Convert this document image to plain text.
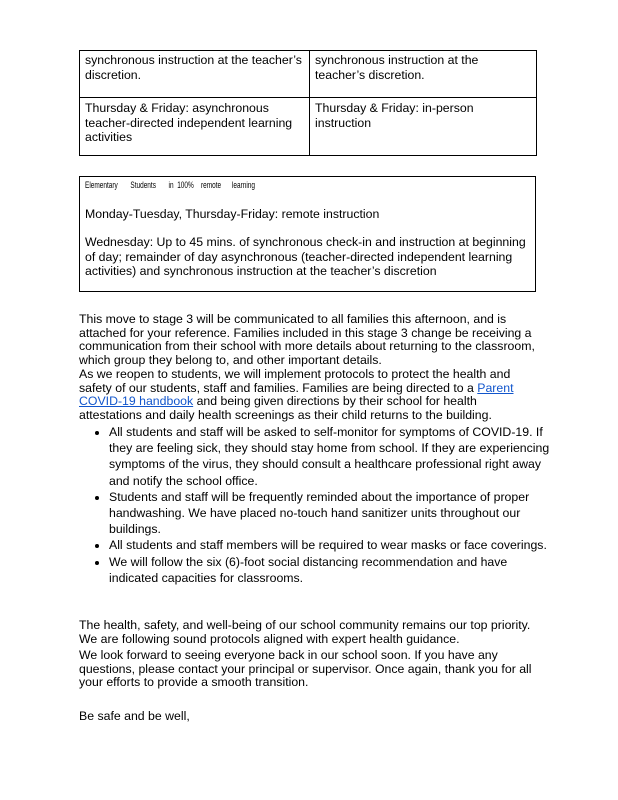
synchronous instruction at the teacher’s discretion.	synchronous instruction at the teacher’s discretion.
Thursday & Friday: asynchronous teacher-directed independent learning activities	Thursday & Friday: in-person instruction
Elementary       Students       in  100%    remote      learning
Monday-Tuesday, Thursday-Friday: remote instruction
Wednesday: Up to 45 mins. of synchronous check-in and instruction at beginning of day; remainder of day asynchronous (teacher-directed independent learning activities) and synchronous instruction at the teacher’s discretion
This move to stage 3 will be communicated to all families this afternoon, and is attached for your reference. Families included in this stage 3 change be receiving a communication from their school with more details about returning to the classroom, which group they belong to, and other important details.
As we reopen to students, we will implement protocols to protect the health and safety of our students, staff and families. Families are being directed to a Parent COVID-19 handbook and being given directions by their school for health attestations and daily health screenings as their child returns to the building.
• All students and staff will be asked to self-monitor for symptoms of COVID-19. If they are feeling sick, they should stay home from school. If they are experiencing symptoms of the virus, they should consult a healthcare professional right away and notify the school office.
• Students and staff will be frequently reminded about the importance of proper handwashing. We have placed no-touch hand sanitizer units throughout our buildings.
• All students and staff members will be required to wear masks or face coverings.
• We will follow the six (6)-foot social distancing recommendation and have indicated capacities for classrooms.
The health, safety, and well-being of our school community remains our top priority. We are following sound protocols aligned with expert health guidance.
We look forward to seeing everyone back in our school soon. If you have any questions, please contact your principal or supervisor. Once again, thank you for all your efforts to provide a smooth transition.
Be safe and be well,
